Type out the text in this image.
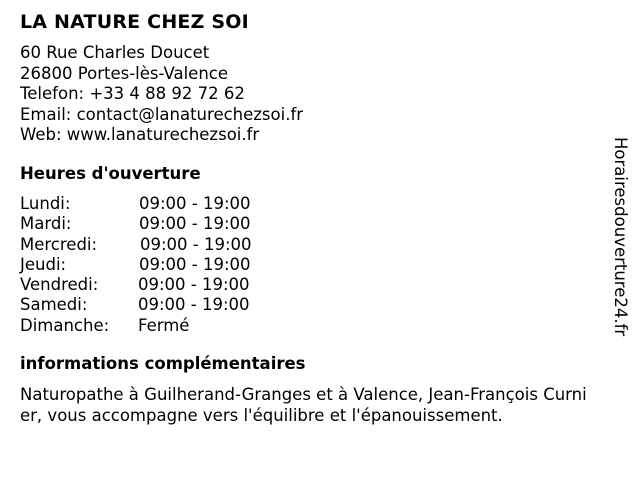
LA NATURE CHEZ SOI
60 Rue Charles Doucet
26800 Portes-lès-Valence
Telefon: +33 4 88 92 72 62
Email: contact@lanaturechezsoi.fr
Web: www.lanaturechezsoi.fr
Heures d'ouverture
Lundi:	09:00 - 19:00
Mardi:	09:00 - 19:00
Mercredi:	09:00 - 19:00
Jeudi:	09:00 - 19:00
Vendredi: 09:00 - 19:00
Samedi:	09:00 - 19:00
Dimanche: Fermé
informations complémentaires
Naturopathe à Guilherand-Granges et à Valence, Jean-François Curni
er, vous accompagne vers l'équilibre et l'épanouissement.
Horairesdouverture24.fr
